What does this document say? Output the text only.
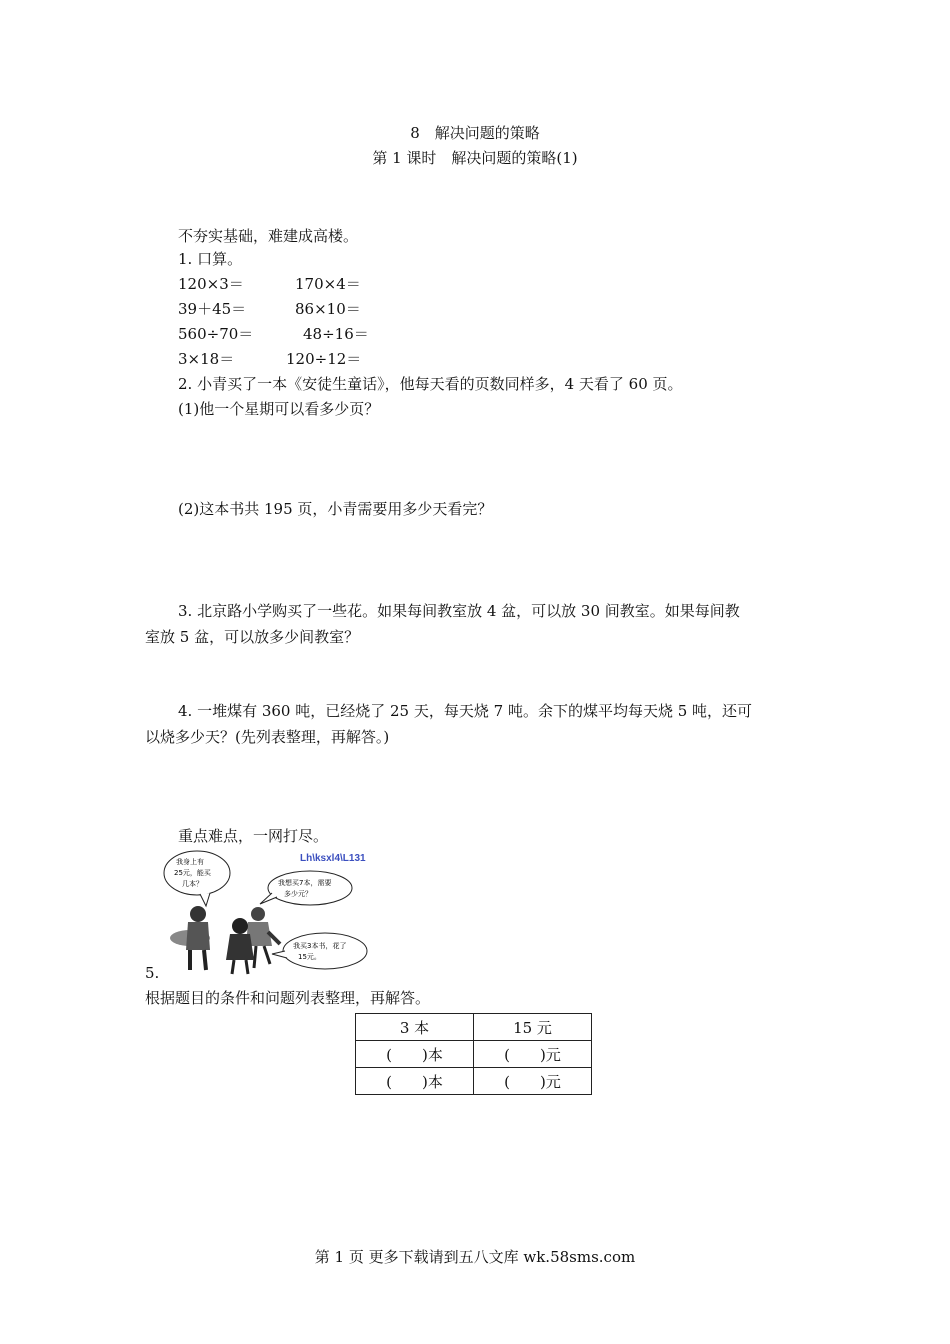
8　解决问题的策略
第 1 课时　解决问题的策略(1)
不夯实基础，难建成高楼。
1. 口算。
120×3＝	170×4＝
39＋45＝	86×10＝
560÷70＝	48÷16＝
3×18＝	120÷12＝
2. 小青买了一本《安徒生童话》，他每天看的页数同样多，4 天看了 60 页。
(1)他一个星期可以看多少页？
(2)这本书共 195 页，小青需要用多少天看完？
3. 北京路小学购买了一些花。如果每间教室放 4 盆，可以放 30 间教室。如果每间教
室放 5 盆，可以放多少间教室？
4. 一堆煤有 360 吨，已经烧了 25 天，每天烧 7 吨。余下的煤平均每天烧 5 吨，还可
以烧多少天？(先列表整理，再解答。)
重点难点，一网打尽。
Lh\ksxl4\L131
我身上有
25元，能买
几本？	我想买7本，需要
多少元？
我买3本书，花了
15元。
5.
根据题目的条件和问题列表整理，再解答。
3 本	15 元
(　　)本	(　　)元
(　　)本	(　　)元
第 1 页 更多下载请到五八文库 wk.58sms.com
